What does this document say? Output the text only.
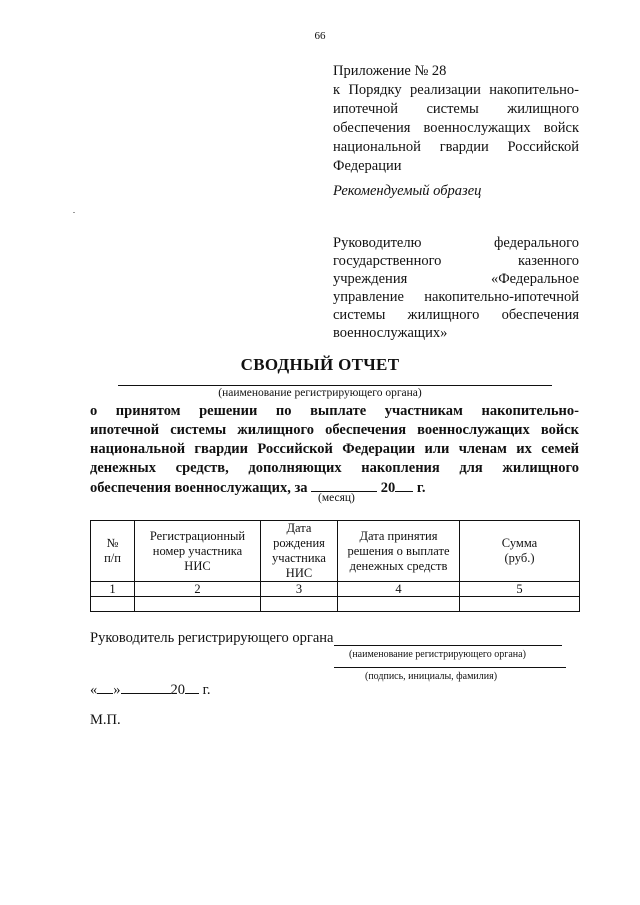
66
Приложение № 28
к Порядку реализации накопительно-
ипотечной системы жилищного
обеспечения военнослужащих войск
национальной гвардии Российской
Федерации
Рекомендуемый образец
Руководителю федерального
государственного казенного
учреждения «Федеральное
управление накопительно-ипотечной
системы жилищного обеспечения
военнослужащих»
СВОДНЫЙ ОТЧЕТ
(наименование регистрирующего органа)
о принятом решении по выплате участникам накопительно-
ипотечной системы жилищного обеспечения военнослужащих войск
национальной гвардии Российской Федерации или членам их семей
денежных средств, дополняющих накопления для жилищного
обеспечения военнослужащих, за	20 г.
(месяц)
№ п/п	Регистрационный номер участника НИС	Дата рождения участника НИС	Дата принятия решения о выплате денежных средств	Сумма (руб.)
1	2	3	4	5

Руководитель регистрирующего органа
(наименование регистрирующего органа)
(подпись, инициалы, фамилия)
« »	20 г.
М.П.
